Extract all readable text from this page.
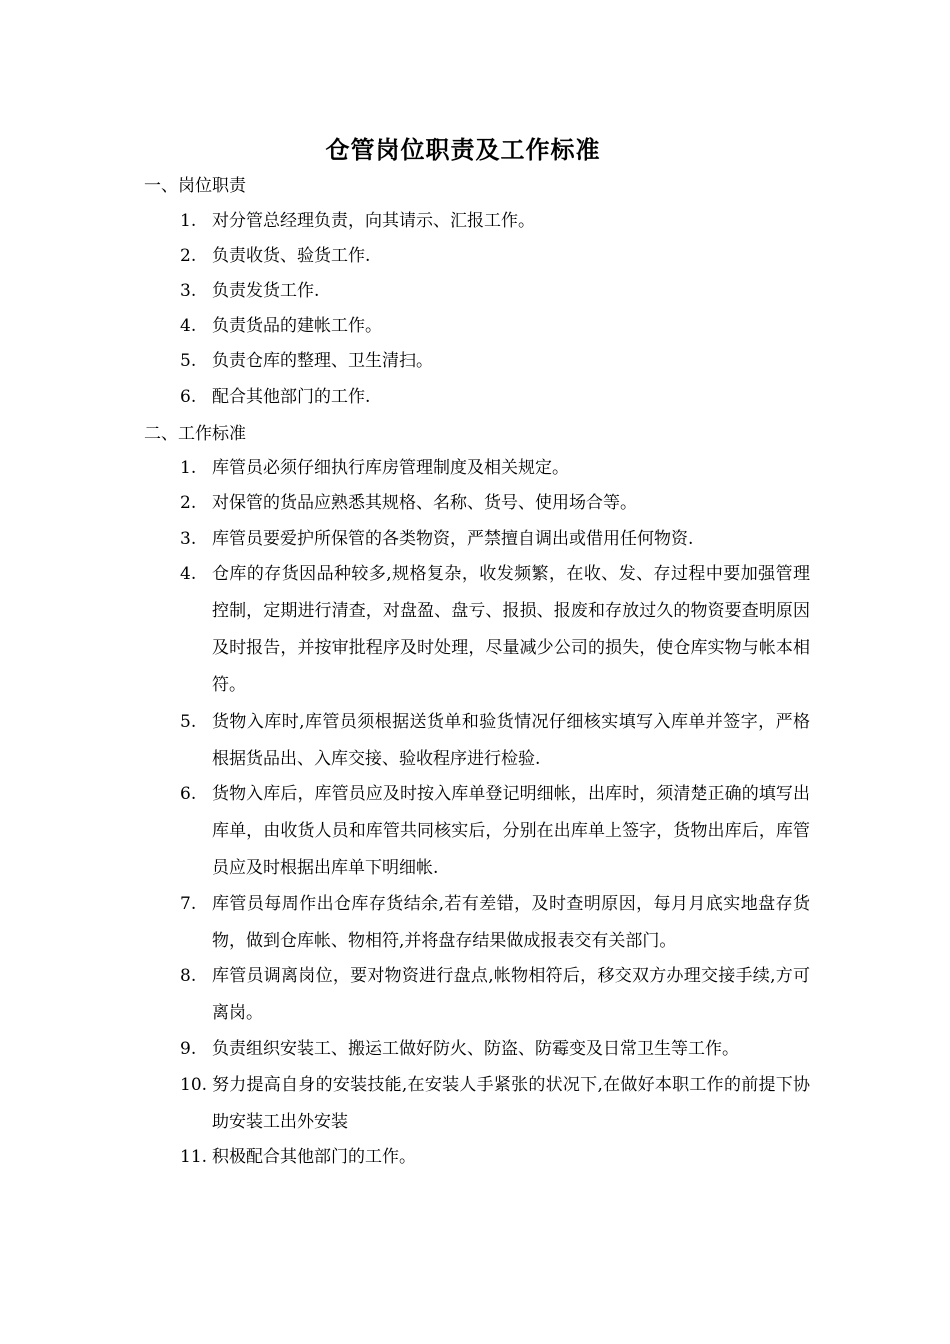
仓管岗位职责及工作标准
一、岗位职责
1. 对分管总经理负责，向其请示、汇报工作。
2. 负责收货、验货工作.
3. 负责发货工作.
4. 负责货品的建帐工作。
5. 负责仓库的整理、卫生清扫。
6. 配合其他部门的工作.
二、工作标准
1. 库管员必须仔细执行库房管理制度及相关规定。
2. 对保管的货品应熟悉其规格、名称、货号、使用场合等。
3. 库管员要爱护所保管的各类物资，严禁擅自调出或借用任何物资.
4. 仓库的存货因品种较多,规格复杂，收发频繁，在收、发、存过程中要加强管理控制，定期进行清查，对盘盈、盘亏、报损、报废和存放过久的物资要查明原因及时报告，并按审批程序及时处理，尽量减少公司的损失，使仓库实物与帐本相符。
5. 货物入库时,库管员须根据送货单和验货情况仔细核实填写入库单并签字，严格根据货品出、入库交接、验收程序进行检验.
6. 货物入库后，库管员应及时按入库单登记明细帐，出库时，须清楚正确的填写出库单，由收货人员和库管共同核实后，分别在出库单上签字，货物出库后，库管员应及时根据出库单下明细帐.
7. 库管员每周作出仓库存货结余,若有差错，及时查明原因，每月月底实地盘存货物，做到仓库帐、物相符,并将盘存结果做成报表交有关部门。
8. 库管员调离岗位，要对物资进行盘点,帐物相符后，移交双方办理交接手续,方可离岗。
9. 负责组织安装工、搬运工做好防火、防盗、防霉变及日常卫生等工作。
10. 努力提高自身的安装技能,在安装人手紧张的状况下,在做好本职工作的前提下协助安装工出外安装
11. 积极配合其他部门的工作。
